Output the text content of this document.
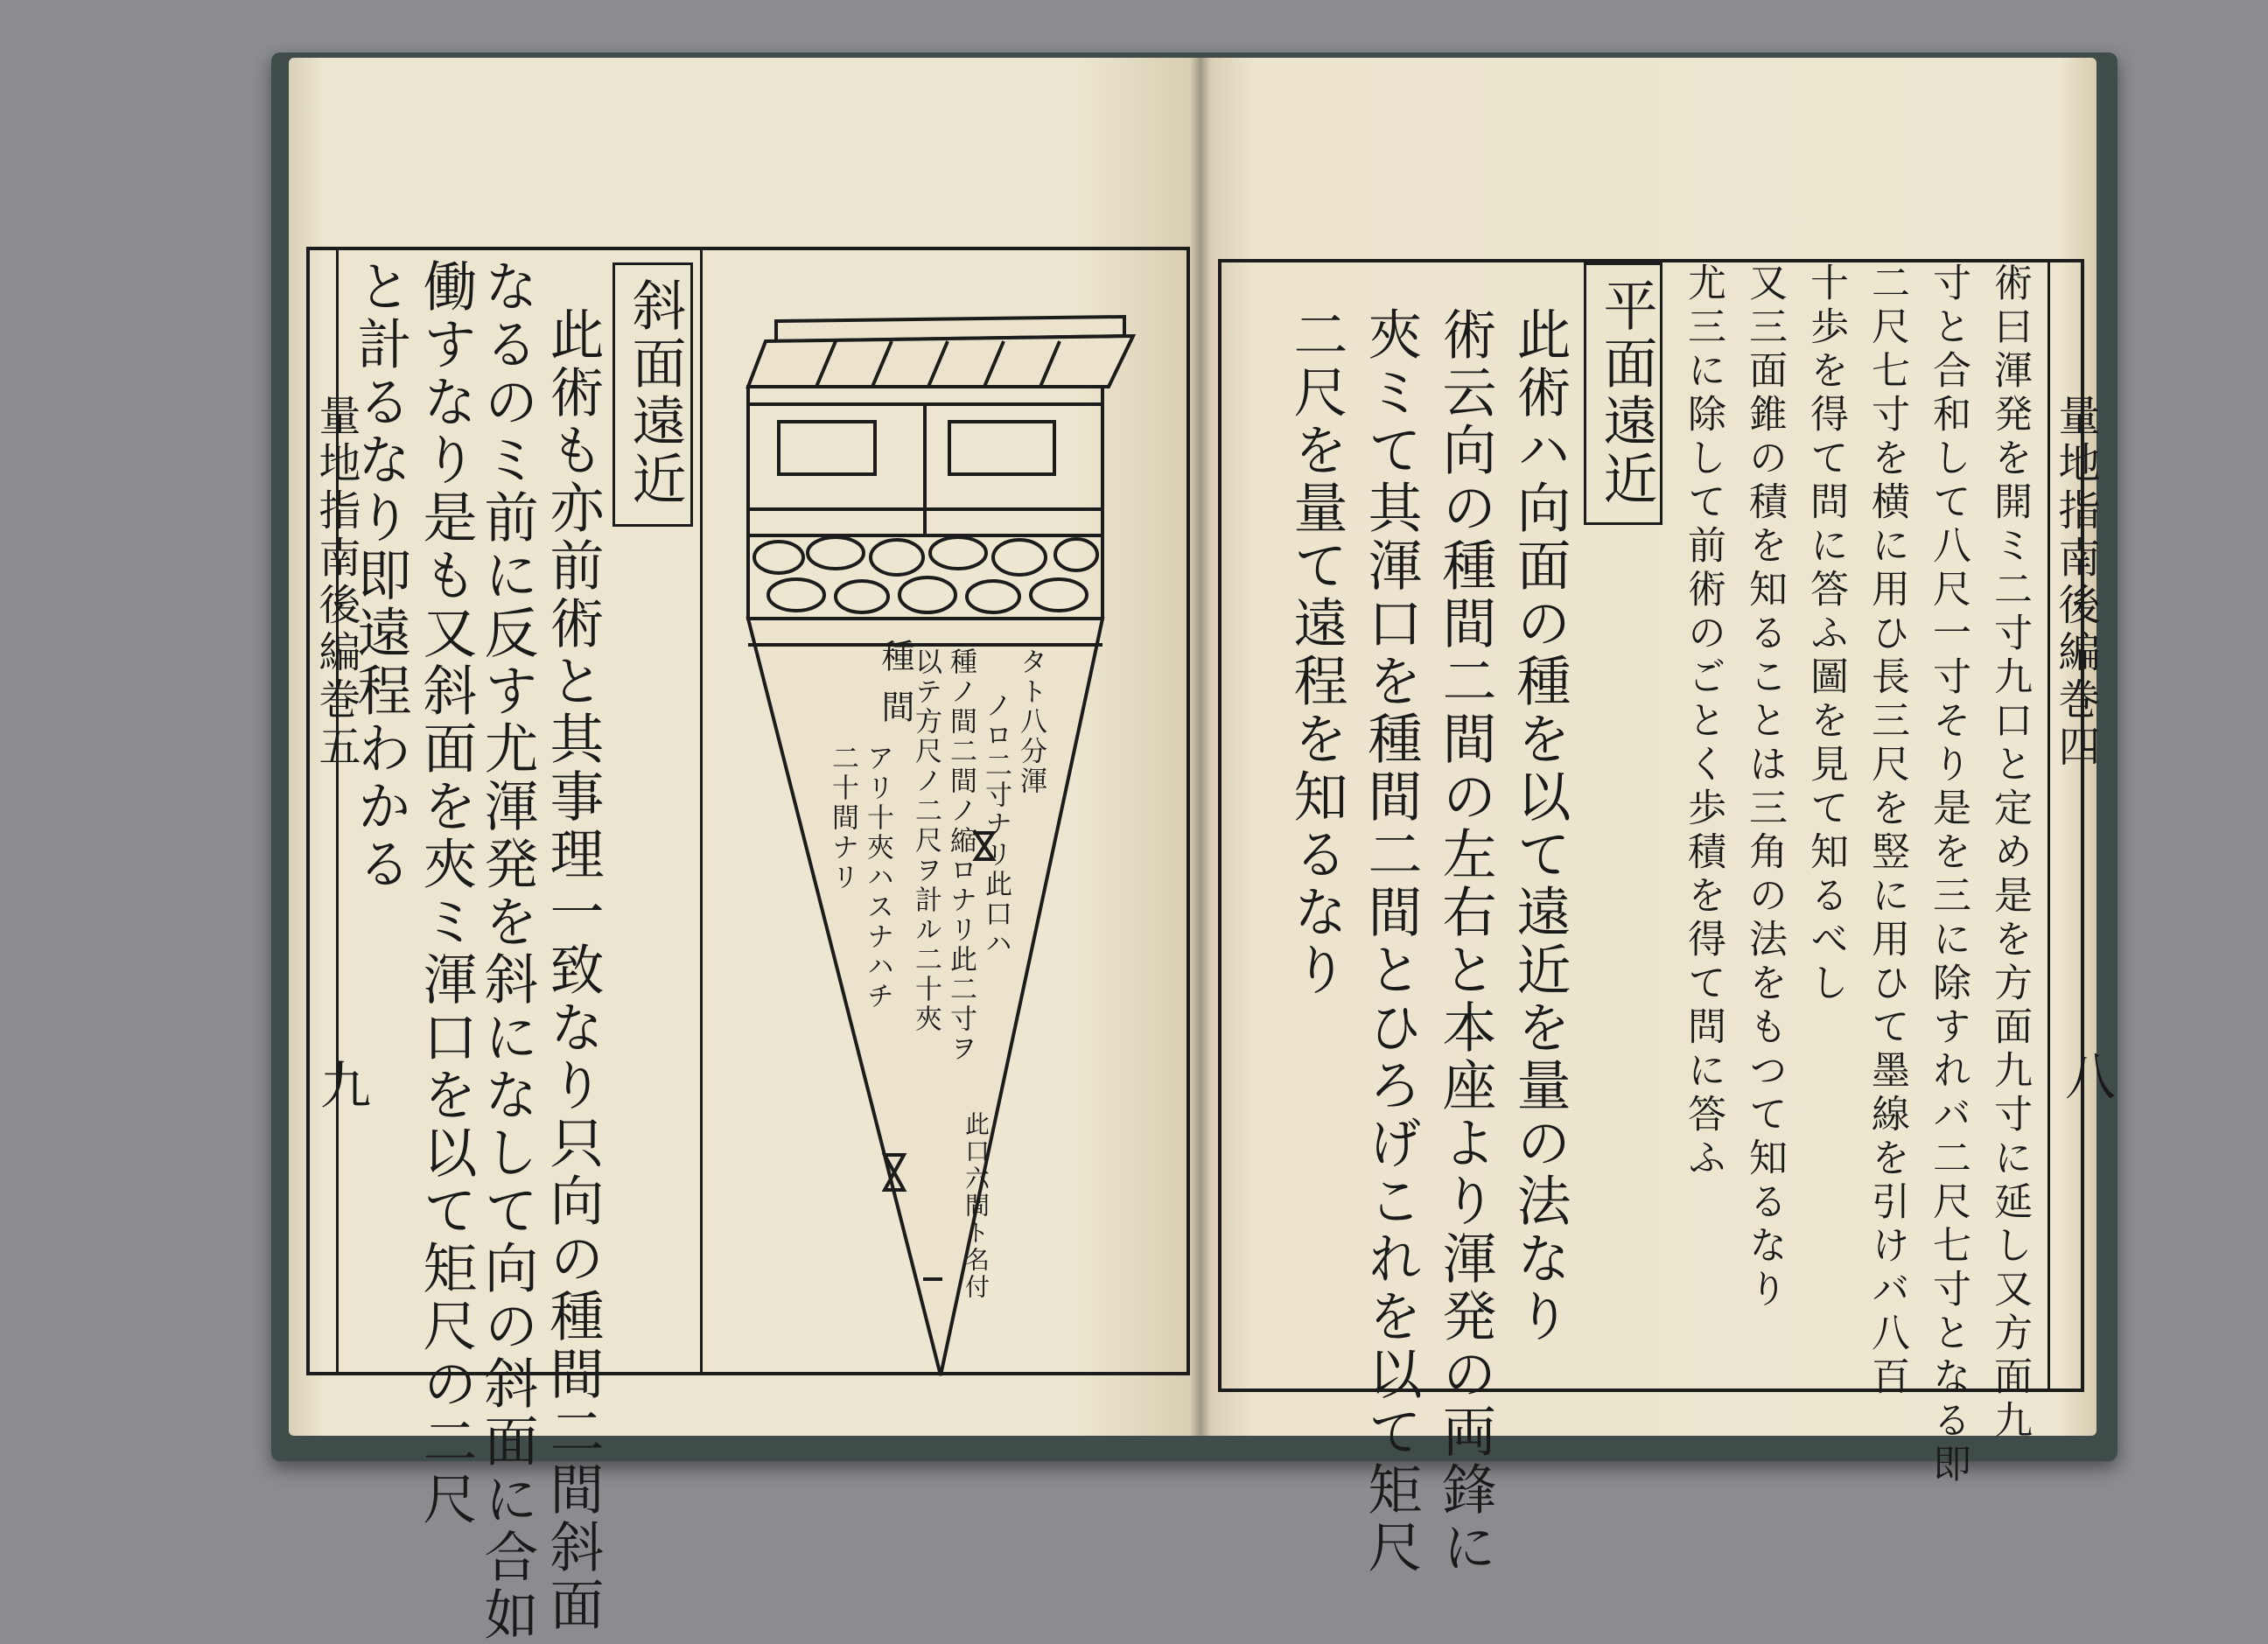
量地指南後編巻五
九
斜面遠近
此術も亦前術と其事理一致なり只向の種間二間斜面
なるのミ前に反す尤渾発を斜になして向の斜面に合如
働すなり是も又斜面を夾ミ渾口を以て矩尺の二尺
と計るなり即遠程わかる	種間	タト八分渾
ノロ二寸ナリ此口ハ
種ノ間二間ノ縮ロナリ此二寸ヲ
以テ方尺ノ二尺ヲ計ル二十夾
アリ十夾ハスナハチ
二十間ナリ
此口六間ト名付
量地指南後編巻四
八
術曰渾発を開ミ二寸九口と定め是を方面九寸に延し又方面九
寸と合和して八尺一寸そり是を三に除すれバ二尺七寸となる即
二尺七寸を横に用ひ長三尺を竪に用ひて墨線を引けバ八百
十歩を得て問に答ふ圖を見て知るべし
又三面錐の積を知ることは三角の法をもつて知るなり
尤三に除して前術のごとく歩積を得て問に答ふ
平面遠近
此術ハ向面の種を以て遠近を量の法なり
術云向の種間二間の左右と本座より渾発の両鋒に
夾ミて其渾口を種間二間とひろげこれを以て矩尺
二尺を量て遠程を知るなり
